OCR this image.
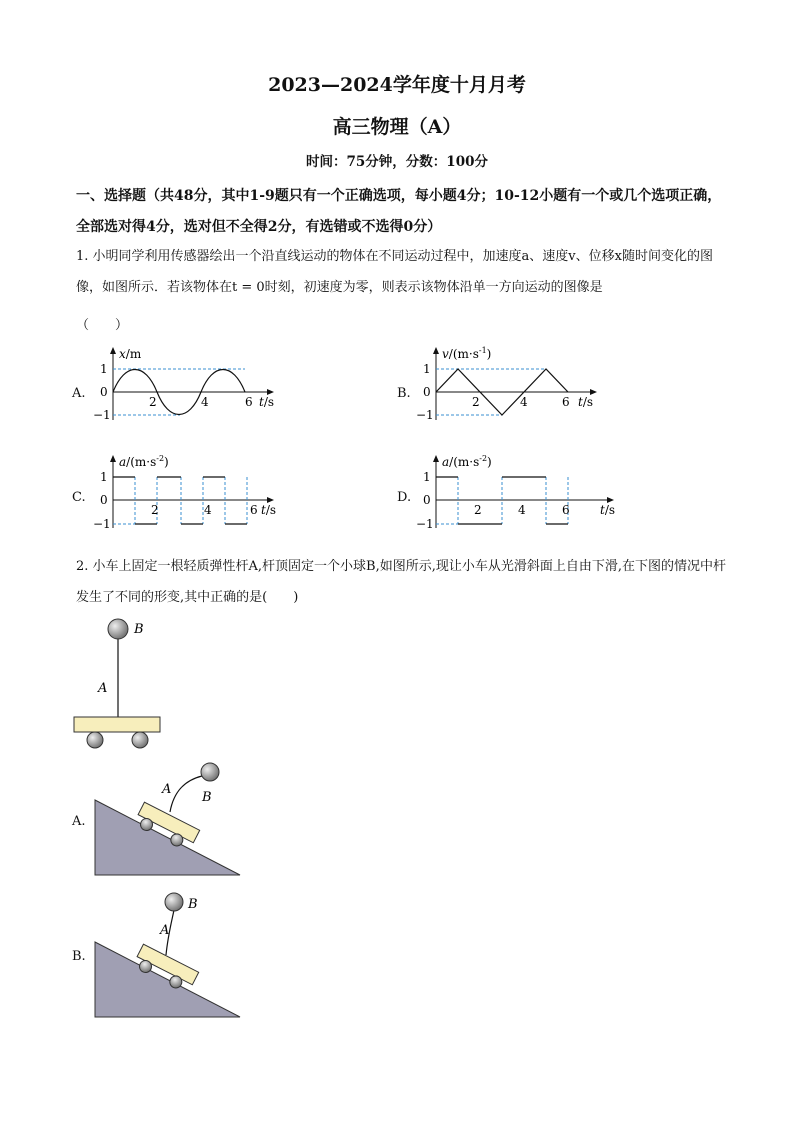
2023—2024学年度十月月考
高三物理（A）
时间：75分钟，分数：100分
一、选择题（共48分，其中1-9题只有一个正确选项，每小题4分；10-12小题有一个或几个选项正确，全部选对得4分，选对但不全得2分，有选错或不选得0分）
1. 小明同学利用传感器绘出一个沿直线运动的物体在不同运动过程中，加速度a、速度v、位移x随时间变化的图像，如图所示．若该物体在t = 0时刻，初速度为零，则表示该物体沿单一方向运动的图像是
（　　）
A.	B.
C.	D.
x/m
1
0
−1
2	4	6 t/s
$v/(m\cdot s^{-1})$
1
0
−1
2	4	6 t/s
$a/(m\cdot s^{-2})$
1
0
−1
2	4	6 t/s
$a/(m\cdot s^{-2})$
1
0
−1
2	4	6	t/s
2. 小车上固定一根轻质弹性杆A,杆顶固定一个小球B,如图所示,现让小车从光滑斜面上自由下滑,在下图的情况中杆发生了不同的形变,其中正确的是(　　)
B
A
A.
A
B
B.
A
B
